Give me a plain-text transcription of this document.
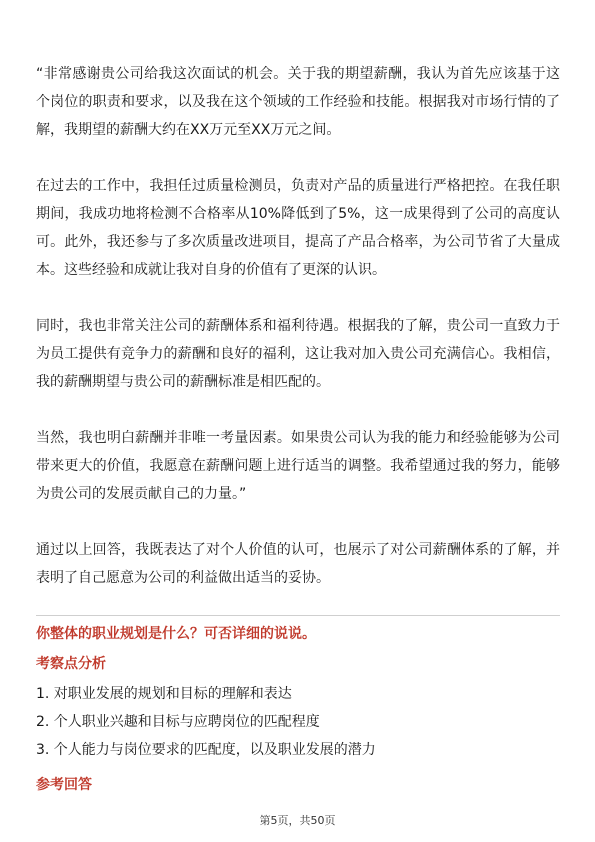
“非常感谢贵公司给我这次面试的机会。关于我的期望薪酬，我认为首先应该基于这个岗位的职责和要求，以及我在这个领域的工作经验和技能。根据我对市场行情的了解，我期望的薪酬大约在XX万元至XX万元之间。

在过去的工作中，我担任过质量检测员，负责对产品的质量进行严格把控。在我任职期间，我成功地将检测不合格率从10%降低到了5%，这一成果得到了公司的高度认可。此外，我还参与了多次质量改进项目，提高了产品合格率，为公司节省了大量成本。这些经验和成就让我对自身的价值有了更深的认识。

同时，我也非常关注公司的薪酬体系和福利待遇。根据我的了解，贵公司一直致力于为员工提供有竞争力的薪酬和良好的福利，这让我对加入贵公司充满信心。我相信，我的薪酬期望与贵公司的薪酬标准是相匹配的。

当然，我也明白薪酬并非唯一考量因素。如果贵公司认为我的能力和经验能够为公司带来更大的价值，我愿意在薪酬问题上进行适当的调整。我希望通过我的努力，能够为贵公司的发展贡献自己的力量。”

通过以上回答，我既表达了对个人价值的认可，也展示了对公司薪酬体系的了解，并表明了自己愿意为公司的利益做出适当的妥协。

你整体的职业规划是什么？可否详细的说说。
考察点分析
1. 对职业发展的规划和目标的理解和表达
2. 个人职业兴趣和目标与应聘岗位的匹配程度
3. 个人能力与岗位要求的匹配度，以及职业发展的潜力
参考回答
第5页，共50页
